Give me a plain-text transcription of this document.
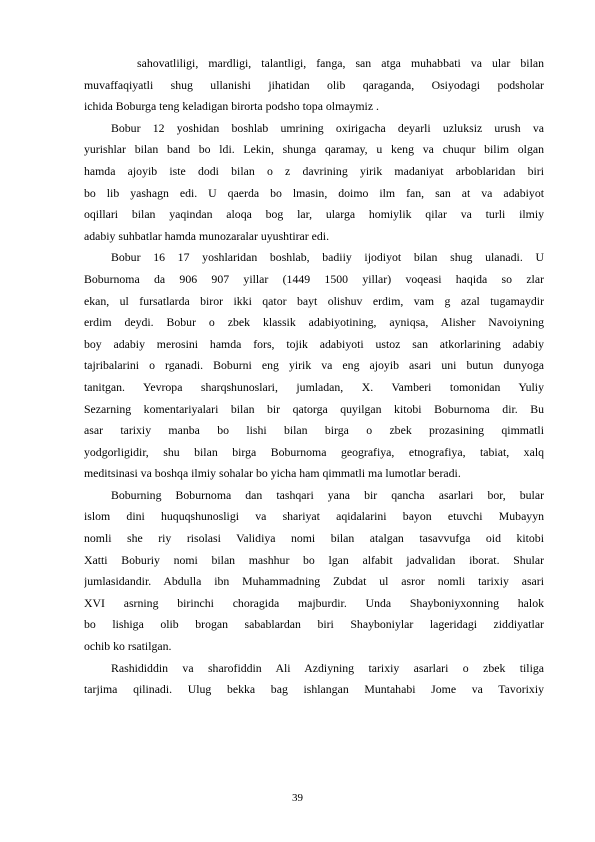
sahovatliligi, mardligi, talantligi, fanga, san atga muhabbati va ular bilan
muvaffaqiyatli shug ullanishi jihatidan olib qaraganda, Osiyodagi podsholar
ichida Boburga teng keladigan birorta podsho topa olmaymiz .
Bobur 12 yoshidan boshlab umrining oxirigacha deyarli uzluksiz urush va
yurishlar bilan band bo ldi. Lekin, shunga qaramay, u keng va chuqur bilim olgan
hamda ajoyib iste dodi bilan o z davrining yirik madaniyat arboblaridan biri
bo lib yashagn edi. U qaerda bo lmasin, doimo ilm fan, san at va adabiyot
oqillari bilan yaqindan aloqa bog lar, ularga homiylik qilar va turli ilmiy
adabiy suhbatlar hamda munozaralar uyushtirar edi.
Bobur 16 17 yoshlaridan boshlab, badiiy ijodiyot bilan shug ulanadi. U
Boburnoma da 906 907 yillar (1449 1500 yillar) voqeasi haqida so zlar
ekan, ul fursatlarda biror ikki qator bayt olishuv erdim, vam g azal tugamaydir
erdim deydi. Bobur o zbek klassik adabiyotining, ayniqsa, Alisher Navoiyning
boy adabiy merosini hamda fors, tojik adabiyoti ustoz san atkorlarining adabiy
tajribalarini o rganadi. Boburni eng yirik va eng ajoyib asari uni butun dunyoga
tanitgan. Yevropa sharqshunoslari, jumladan, X. Vamberi tomonidan Yuliy
Sezarning komentariyalari bilan bir qatorga quyilgan kitobi Boburnoma dir. Bu
asar tarixiy manba bo lishi bilan birga o zbek prozasining qimmatli
yodgorligidir, shu bilan birga Boburnoma geografiya, etnografiya, tabiat, xalq
meditsinasi va boshqa ilmiy sohalar bo yicha ham qimmatli ma lumotlar beradi.
Boburning Boburnoma dan tashqari yana bir qancha asarlari bor, bular
islom dini huquqshunosligi va shariyat aqidalarini bayon etuvchi Mubayyn
nomli she riy risolasi Validiya nomi bilan atalgan tasavvufga oid kitobi
Xatti Boburiy nomi bilan mashhur bo lgan alfabit jadvalidan iborat. Shular
jumlasidandir. Abdulla ibn Muhammadning Zubdat ul asror nomli tarixiy asari
XVI asrning birinchi choragida majburdir. Unda Shayboniyxonning halok
bo lishiga olib brogan sabablardan biri Shayboniylar lageridagi ziddiyatlar
ochib ko rsatilgan.
Rashididdin va sharofiddin Ali Azdiyning tarixiy asarlari o zbek tiliga
tarjima qilinadi. Ulug bekka bag ishlangan Muntahabi Jome va Tavorixiy
39
